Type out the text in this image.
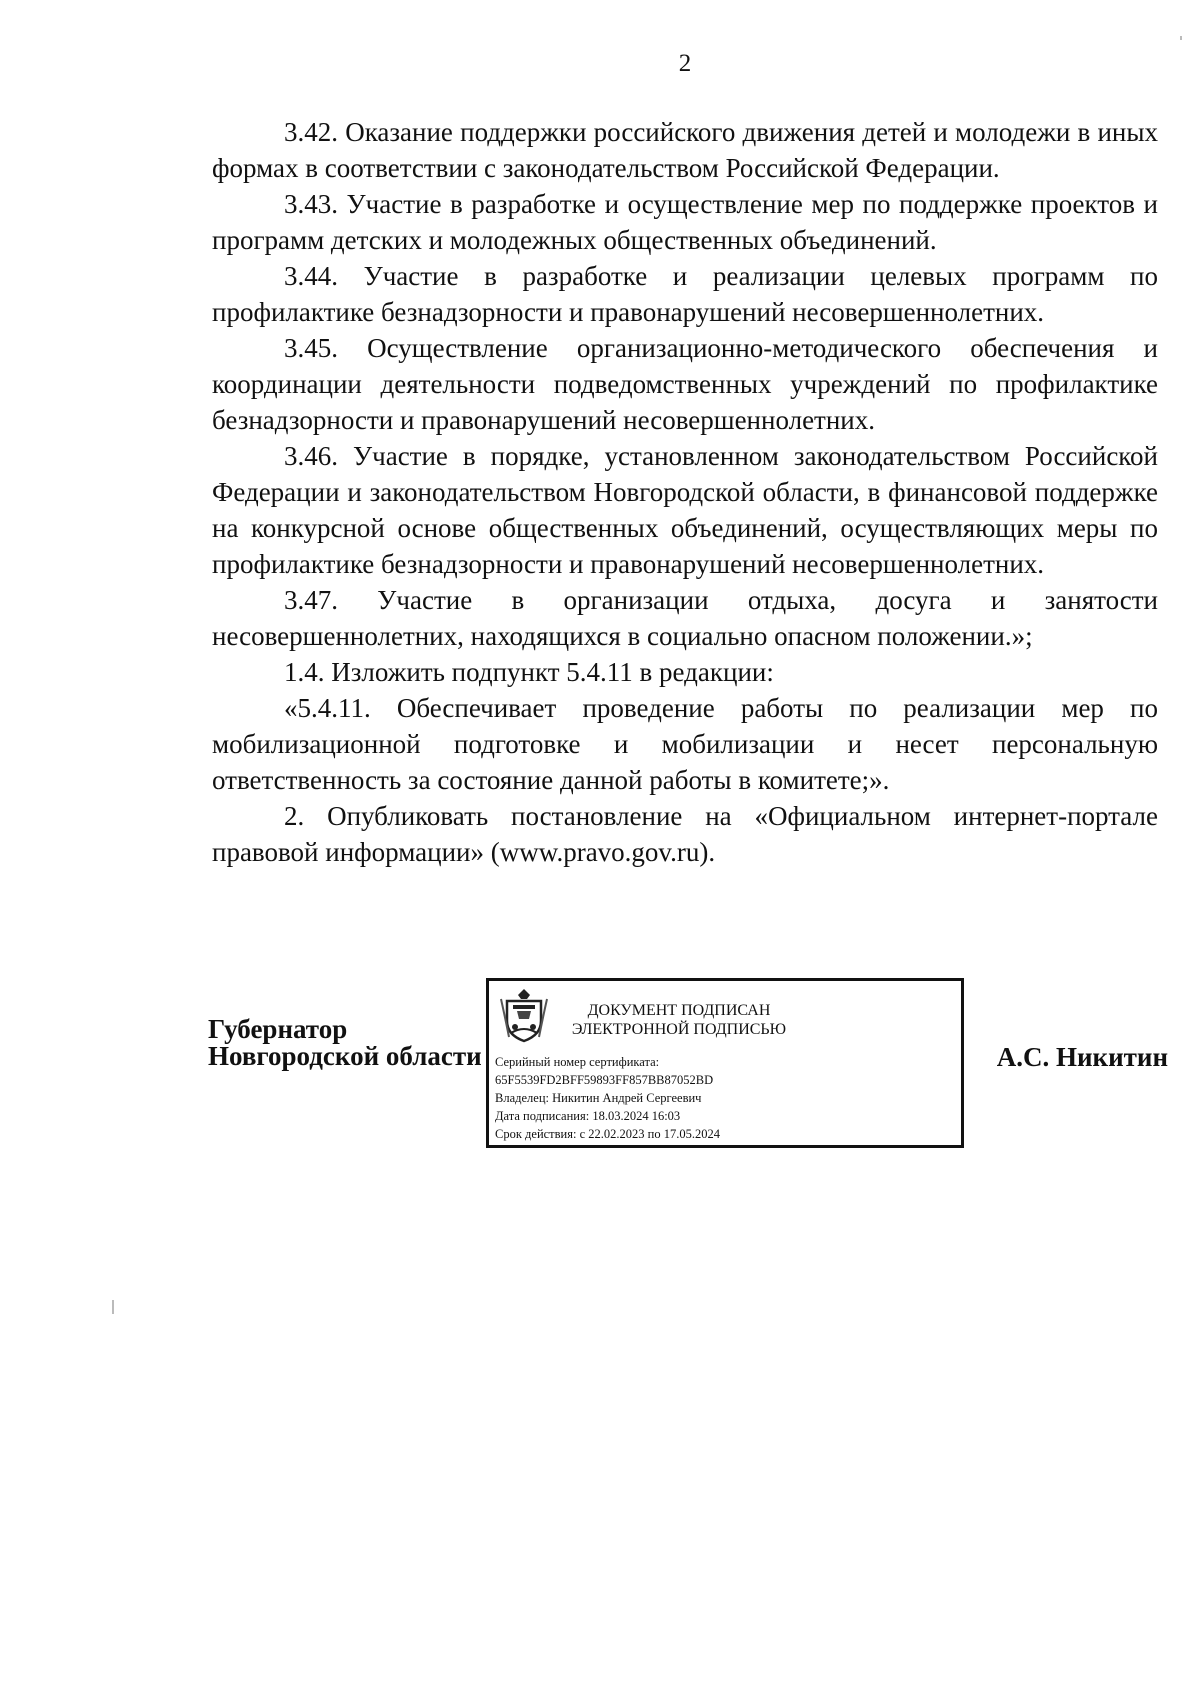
2

3.42. Оказание поддержки российского движения детей и молодежи в иных формах в соответствии с законодательством Российской Федерации.

3.43. Участие в разработке и осуществление мер по поддержке проектов и программ детских и молодежных общественных объединений.

3.44. Участие в разработке и реализации целевых программ по профилактике безнадзорности и правонарушений несовершеннолетних.

3.45. Осуществление организационно-методического обеспечения и координации деятельности подведомственных учреждений по профилактике безнадзорности и правонарушений несовершеннолетних.

3.46. Участие в порядке, установленном законодательством Российской Федерации и законодательством Новгородской области, в финансовой поддержке на конкурсной основе общественных объединений, осуществляющих меры по профилактике безнадзорности и правонарушений несовершеннолетних.

3.47. Участие в организации отдыха, досуга и занятости несовершеннолетних, находящихся в социально опасном положении.»;

1.4. Изложить подпункт 5.4.11 в редакции:

«5.4.11. Обеспечивает проведение работы по реализации мер по мобилизационной подготовке и мобилизации и несет персональную ответственность за состояние данной работы в комитете;».

2. Опубликовать постановление на «Официальном интернет-портале правовой информации» (www.pravo.gov.ru).

Губернатор
Новгородской области
ДОКУМЕНТ ПОДПИСАН
ЭЛЕКТРОННОЙ ПОДПИСЬЮ
Серийный номер сертификата:
65F5539FD2BFF59893FF857BB87052BD
Владелец: Никитин Андрей Сергеевич
Дата подписания: 18.03.2024 16:03
Срок действия: с 22.02.2023 по 17.05.2024
А.С. Никитин
